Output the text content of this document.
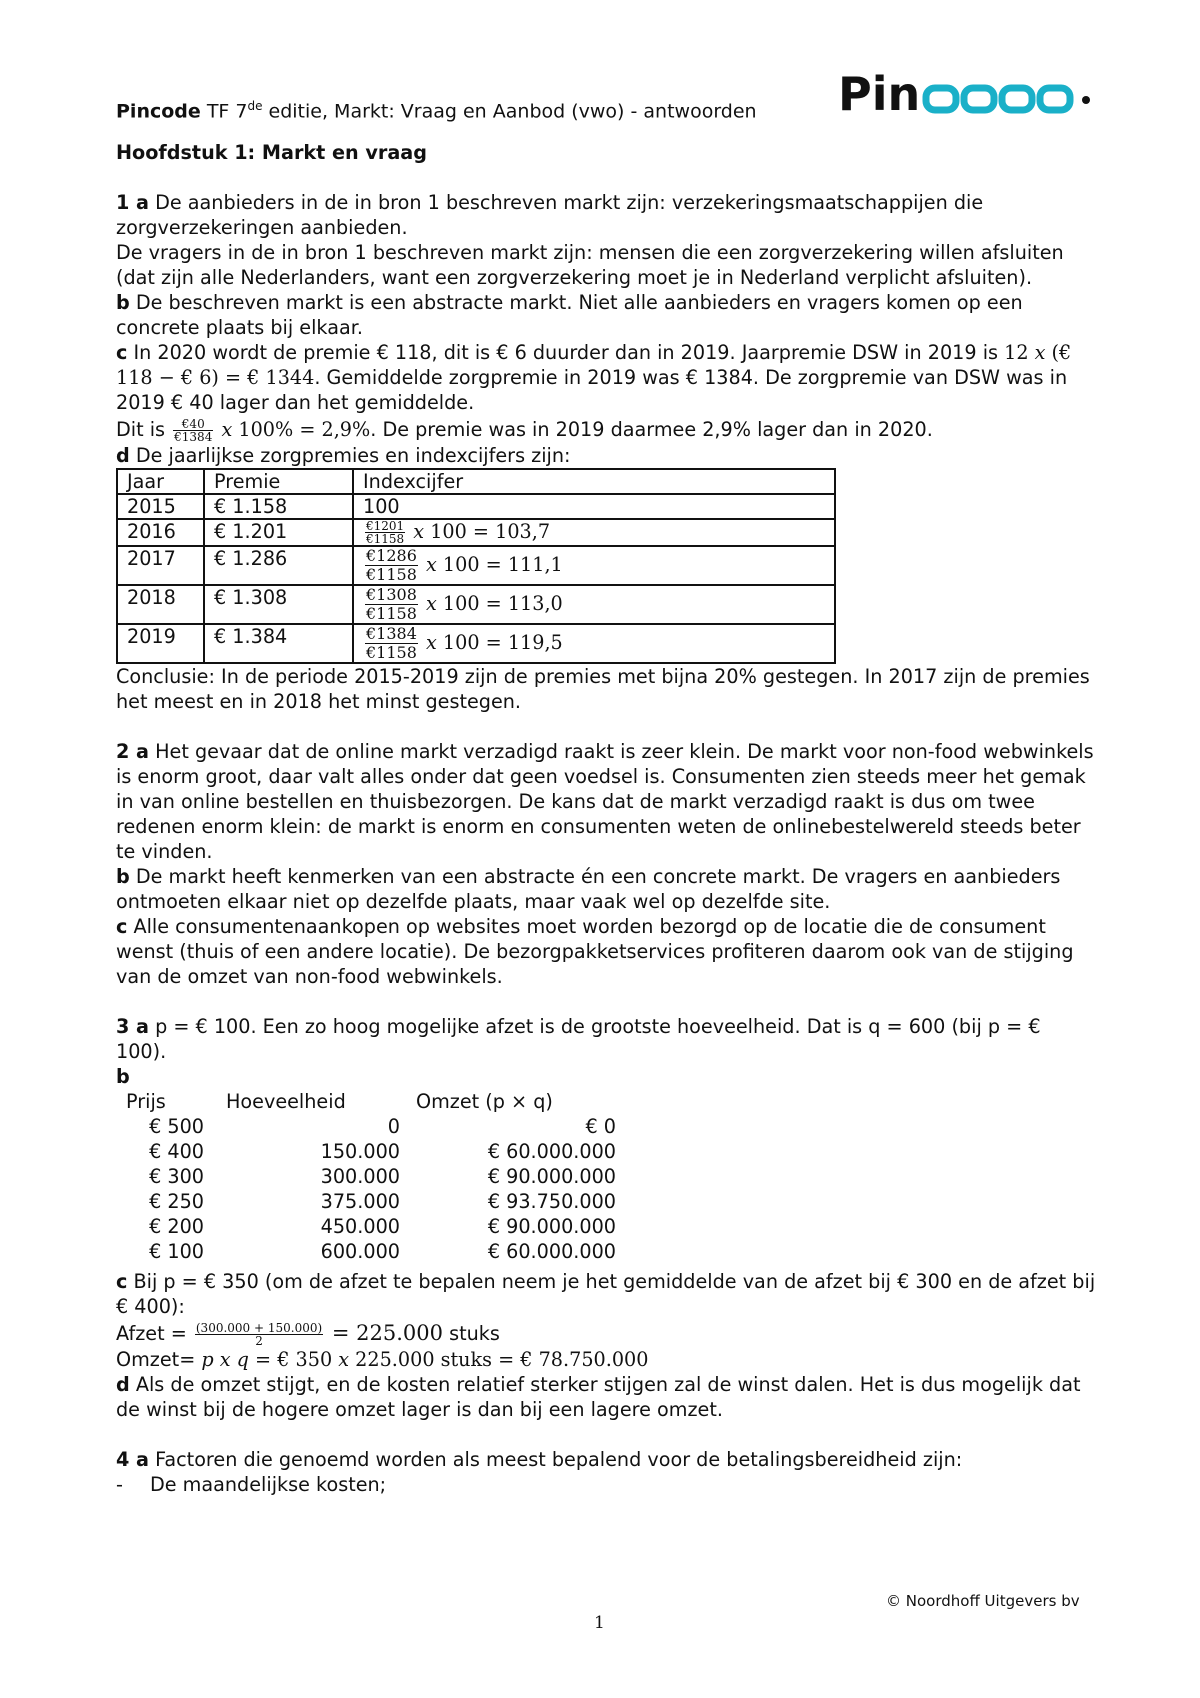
Pincode TF 7de editie, Markt: Vraag en Aanbod (vwo) - antwoorden Pin

Hoofdstuk 1: Markt en vraag

1 a De aanbieders in de in bron 1 beschreven markt zijn: verzekeringsmaatschappijen die zorgverzekeringen aanbieden.

De vragers in de in bron 1 beschreven markt zijn: mensen die een zorgverzekering willen afsluiten (dat zijn alle Nederlanders, want een zorgverzekering moet je in Nederland verplicht afsluiten).

b De beschreven markt is een abstracte markt. Niet alle aanbieders en vragers komen op een concrete plaats bij elkaar.

c In 2020 wordt de premie € 118, dit is € 6 duurder dan in 2019. Jaarpremie DSW in 2019 is 12 𝑥 (€ 118 − € 6) = € 1344. Gemiddelde zorgpremie in 2019 was € 1384. De zorgpremie van DSW was in 2019 € 40 lager dan het gemiddelde.

Dit is $\frac{€40}{€1384}$ 𝑥 100% = 2,9%. De premie was in 2019 daarmee 2,9% lager dan in 2020.

d De jaarlijkse zorgpremies en indexcijfers zijn:

Jaar	Premie	Indexcijfer
2015	€ 1.158	100
2016	€ 1.201	$\frac{€1201}{€1158}$ 𝑥 100 = 103,7
2017	€ 1.286	$\frac{€1286}{€1158}$ 𝑥 100 = 111,1
2018	€ 1.308	$\frac{€1308}{€1158}$ 𝑥 100 = 113,0
2019	€ 1.384	$\frac{€1384}{€1158}$ 𝑥 100 = 119,5

Conclusie: In de periode 2015-2019 zijn de premies met bijna 20% gestegen. In 2017 zijn de premies het meest en in 2018 het minst gestegen.

2 a Het gevaar dat de online markt verzadigd raakt is zeer klein. De markt voor non-food webwinkels is enorm groot, daar valt alles onder dat geen voedsel is. Consumenten zien steeds meer het gemak in van online bestellen en thuisbezorgen. De kans dat de markt verzadigd raakt is dus om twee redenen enorm klein: de markt is enorm en consumenten weten de onlinebestelwereld steeds beter te vinden.

b De markt heeft kenmerken van een abstracte én een concrete markt. De vragers en aanbieders ontmoeten elkaar niet op dezelfde plaats, maar vaak wel op dezelfde site.

c Alle consumentenaankopen op websites moet worden bezorgd op de locatie die de consument wenst (thuis of een andere locatie). De bezorgpakketservices profiteren daarom ook van de stijging van de omzet van non-food webwinkels.

3 a p = € 100. Een zo hoog mogelijke afzet is de grootste hoeveelheid. Dat is q = 600 (bij p = € 100).

b

Prijs	Hoeveelheid	Omzet (p × q)
€ 500	0	€ 0
€ 400	150.000	€ 60.000.000
€ 300	300.000	€ 90.000.000
€ 250	375.000	€ 93.750.000
€ 200	450.000	€ 90.000.000
€ 100	600.000	€ 60.000.000

c Bij p = € 350 (om de afzet te bepalen neem je het gemiddelde van de afzet bij € 300 en de afzet bij € 400):

Afzet = $\frac{(300.000 + 150.000)}{2} = 225.000$ stuks

Omzet= 𝑝 𝑥 𝑞 = € 350 𝑥 225.000 stuks = € 78.750.000

d Als de omzet stijgt, en de kosten relatief sterker stijgen zal de winst dalen. Het is dus mogelijk dat de winst bij de hogere omzet lager is dan bij een lagere omzet.

4 a Factoren die genoemd worden als meest bepalend voor de betalingsbereidheid zijn:

-	De maandelijkse kosten;

© Noordhoff Uitgevers bv
1
